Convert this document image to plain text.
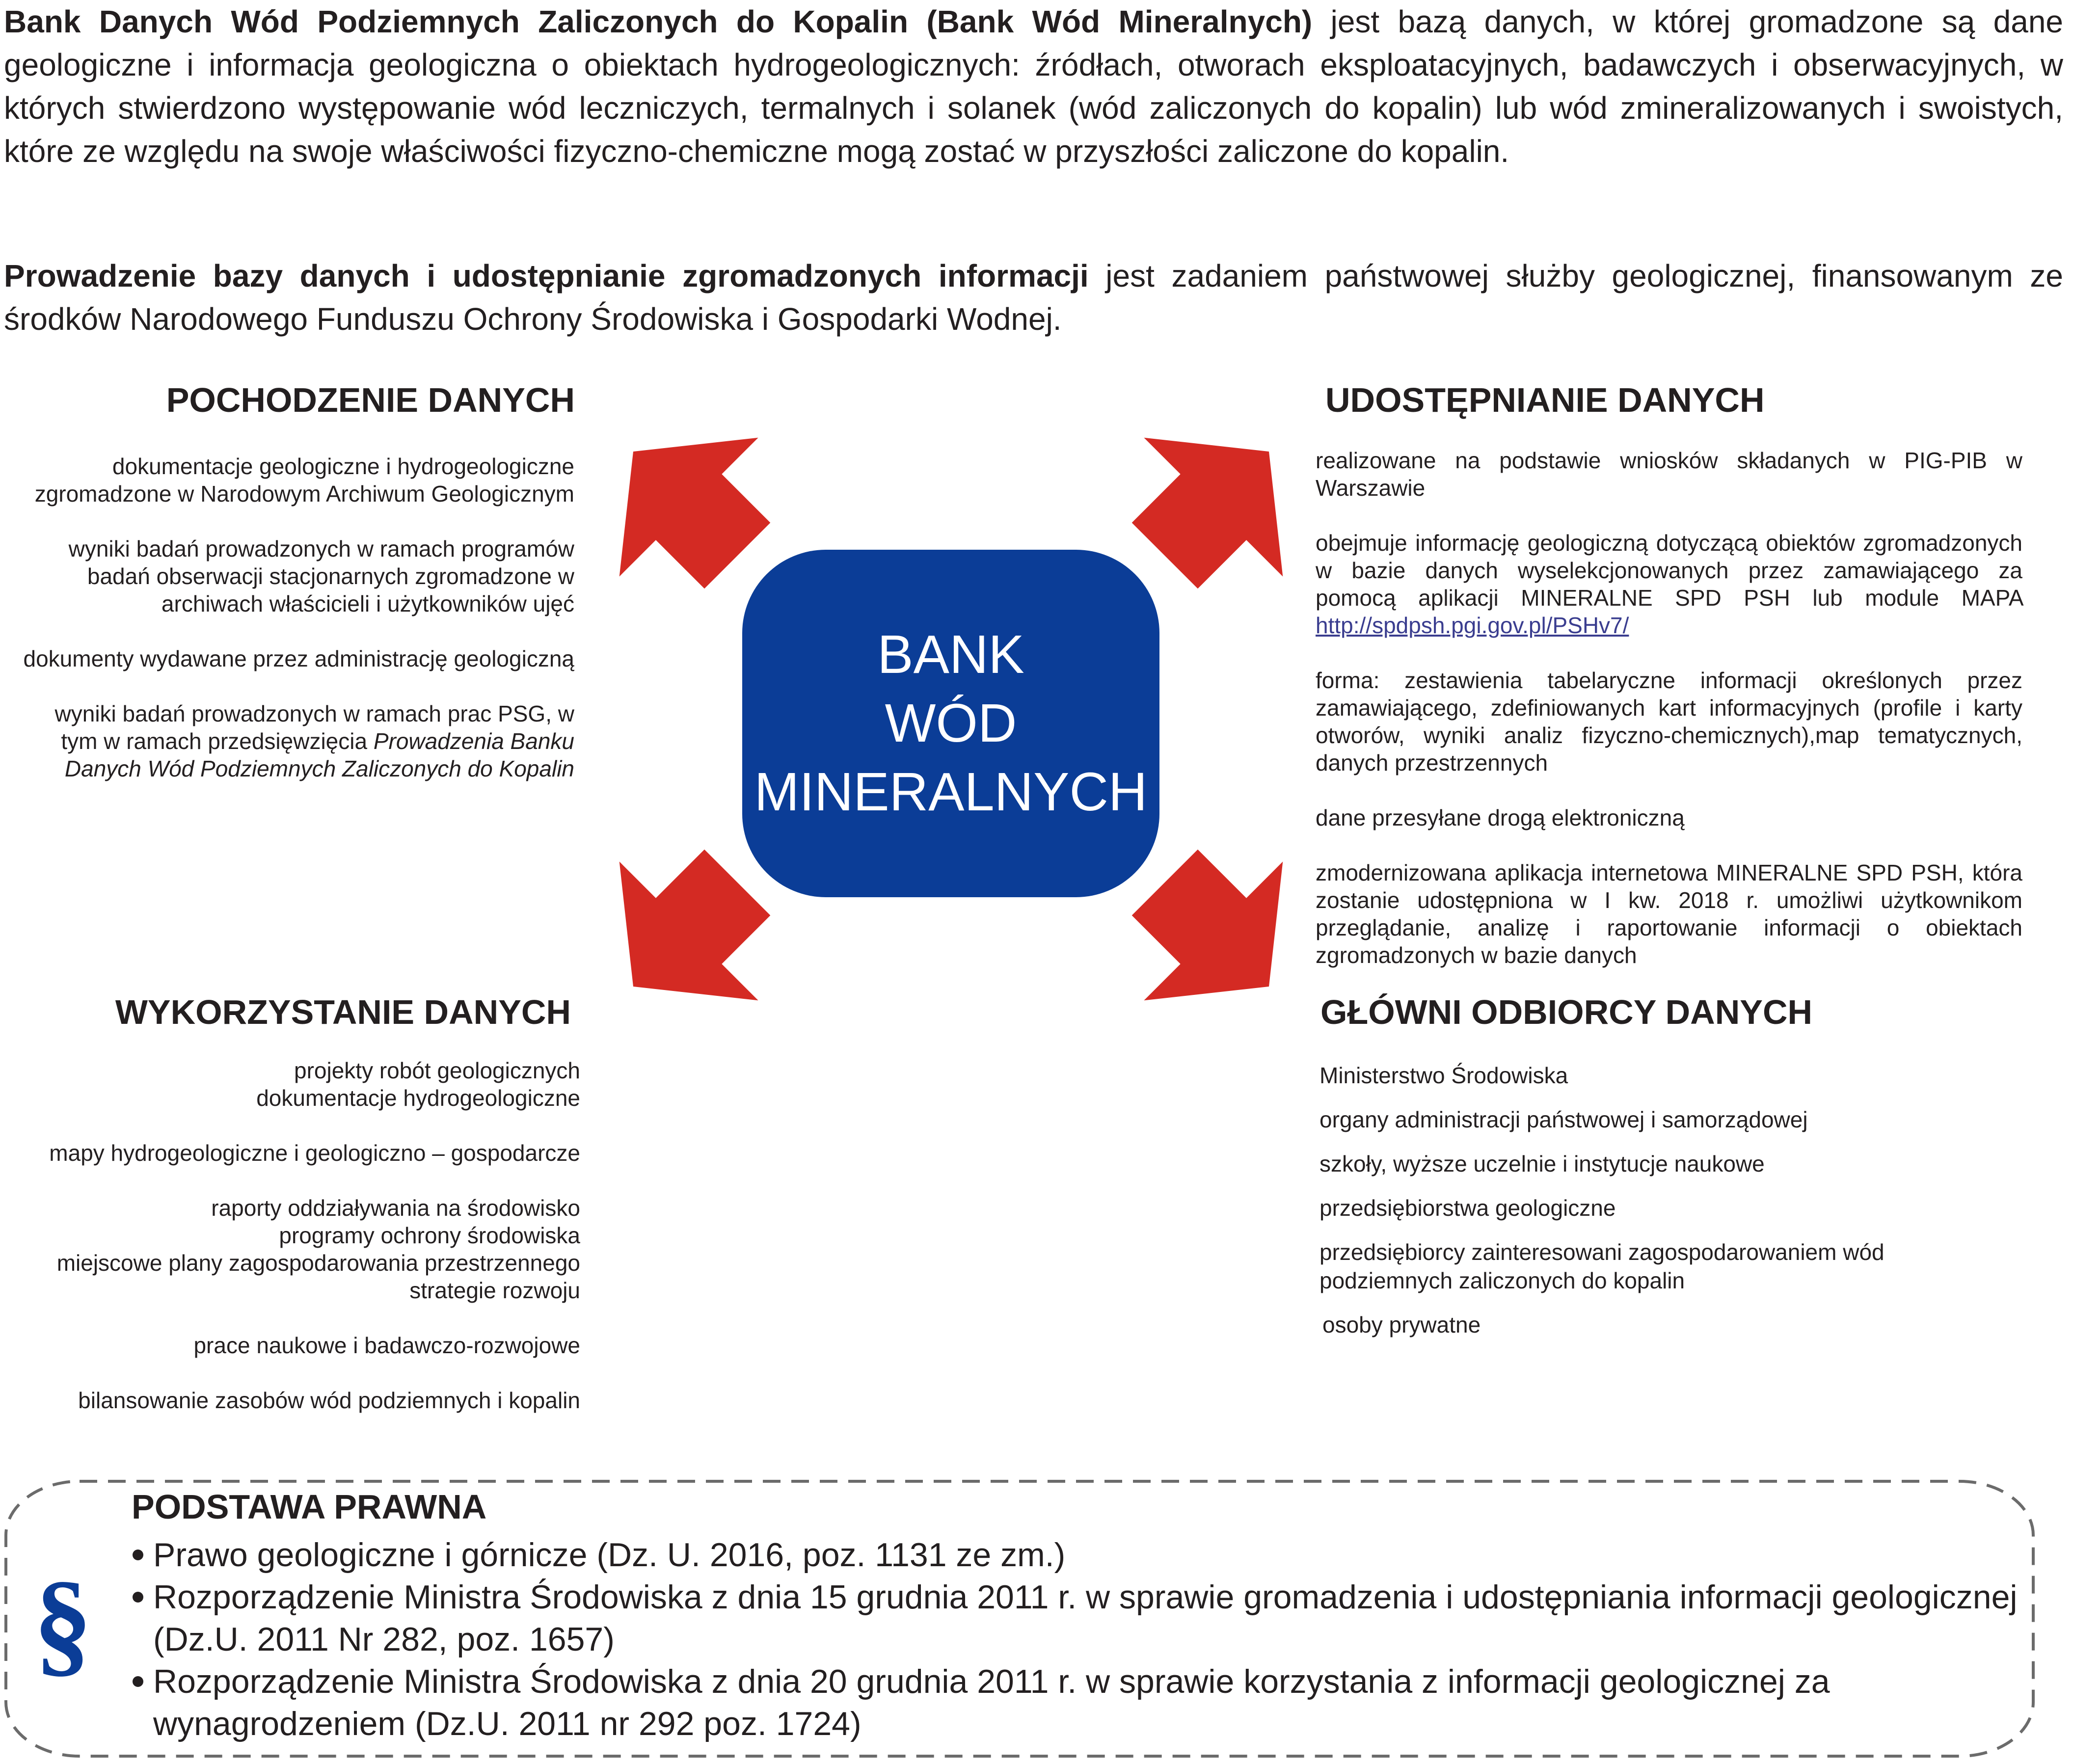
Bank Danych Wód Podziemnych Zaliczonych do Kopalin (Bank Wód Mineralnych) jest bazą danych, w której gromadzone są dane geologiczne i informacja geologiczna o obiektach hydrogeologicznych: źródłach, otworach eksploatacyjnych, badawczych i obserwacyjnych, w których stwierdzono występowanie wód leczniczych, termalnych i solanek (wód zaliczonych do kopalin) lub wód zmineralizowanych i swoistych, które ze względu na swoje właściwości fizyczno-chemiczne mogą zostać w przyszłości zaliczone do kopalin.

Prowadzenie bazy danych i udostępnianie zgromadzonych informacji jest zadaniem państwowej służby geologicznej, finansowanym ze środków Narodowego Funduszu Ochrony Środowiska i Gospodarki Wodnej.

POCHODZENIE DANYCH	UDOSTĘPNIANIE DANYCH
WYKORZYSTANIE DANYCH	GŁÓWNI ODBIORCY DANYCH
dokumentacje geologiczne i hydrogeologiczne zgromadzone w Narodowym Archiwum Geologicznym
wyniki badań prowadzonych w ramach programów badań obserwacji stacjonarnych zgromadzone w archiwach właścicieli i użytkowników ujęć
dokumenty wydawane przez administrację geologiczną
wyniki badań prowadzonych w ramach prac PSG, w tym w ramach przedsięwzięcia Prowadzenia Banku Danych Wód Podziemnych Zaliczonych do Kopalin
realizowane na podstawie wniosków składanych w PIG-PIB w Warszawie
obejmuje informację geologiczną dotyczącą obiektów zgromadzonych w bazie danych wyselekcjonowanych przez zamawiającego za pomocą aplikacji MINERALNE SPD PSH lub module MAPA http://spdpsh.pgi.gov.pl/PSHv7/
forma: zestawienia tabelaryczne informacji określonych przez zamawiającego, zdefiniowanych kart informacyjnych (profile i karty otworów, wyniki analiz fizyczno-chemicznych),map tematycznych, danych przestrzennych
dane przesyłane drogą elektroniczną
zmodernizowana aplikacja internetowa MINERALNE SPD PSH, która zostanie udostępniona w I kw. 2018 r. umożliwi użytkownikom przeglądanie, analizę i raportowanie informacji o obiektach zgromadzonych w bazie danych
projekty robót geologicznych
dokumentacje hydrogeologiczne
mapy hydrogeologiczne i geologiczno – gospodarcze
raporty oddziaływania na środowisko
programy ochrony środowiska
miejscowe plany zagospodarowania przestrzennego
strategie rozwoju
prace naukowe i badawczo-rozwojowe
bilansowanie zasobów wód podziemnych i kopalin
Ministerstwo Środowiska
organy administracji państwowej i samorządowej
szkoły, wyższe uczelnie i instytucje naukowe
przedsiębiorstwa geologiczne
przedsiębiorcy zainteresowani zagospodarowaniem wód podziemnych zaliczonych do kopalin
osoby prywatne
BANK
WÓD
MINERALNYCH
§
PODSTAWA PRAWNA
Prawo geologiczne i górnicze (Dz. U. 2016, poz. 1131 ze zm.)
Rozporządzenie Ministra Środowiska z dnia 15 grudnia 2011 r. w sprawie gromadzenia i udostępniania informacji geologicznej (Dz.U. 2011 Nr 282, poz. 1657)
Rozporządzenie Ministra Środowiska z dnia 20 grudnia 2011 r. w sprawie korzystania z informacji geologicznej za wynagrodzeniem (Dz.U. 2011 nr 292 poz. 1724)
